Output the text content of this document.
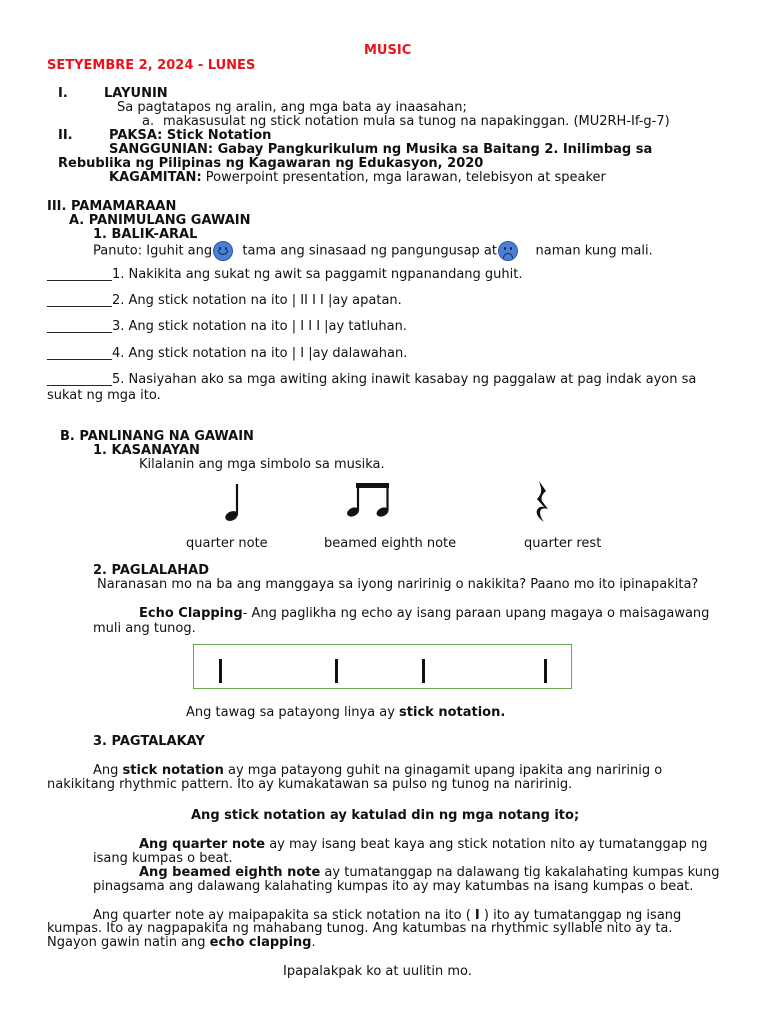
MUSIC
SETYEMBRE 2, 2024 - LUNES
I.	LAYUNIN
Sa pagtatapos ng aralin, ang mga bata ay inaasahan;
a. makasusulat ng stick notation mula sa tunog na napakinggan. (MU2RH-If-g-7)
II.	PAKSA: Stick Notation
SANGGUNIAN: Gabay Pangkurikulum ng Musika sa Baitang 2. Inilimbag sa
Rebublika ng Pilipinas ng Kagawaran ng Edukasyon, 2020
KAGAMITAN: Powerpoint presentation, mga larawan, telebisyon at speaker
III. PAMAMARAAN
A. PANIMULANG GAWAIN
1. BALIK-ARAL
Panuto: Iguhit ang tama ang sinasaad ng pangungusap at	naman kung mali.
__________1. Nakikita ang sukat ng awit sa paggamit ngpanandang guhit.
__________2. Ang stick notation na ito | II I I |ay apatan.
__________3. Ang stick notation na ito | I I I |ay tatluhan.
__________4. Ang stick notation na ito | I |ay dalawahan.
__________5. Nasiyahan ako sa mga awiting aking inawit kasabay ng paggalaw at pag indak ayon sa
sukat ng mga ito.
B. PANLINANG NA GAWAIN
1. KASANAYAN
Kilalanin ang mga simbolo sa musika.
quarter note	beamed eighth note	quarter rest
2. PAGLALAHAD
Naranasan mo na ba ang manggaya sa iyong naririnig o nakikita? Paano mo ito ipinapakita?
Echo Clapping- Ang paglikha ng echo ay isang paraan upang magaya o maisagawang
muli ang tunog.
Ang tawag sa patayong linya ay stick notation.
3. PAGTALAKAY
Ang stick notation ay mga patayong guhit na ginagamit upang ipakita ang naririnig o
nakikitang rhythmic pattern. Ito ay kumakatawan sa pulso ng tunog na naririnig.
Ang stick notation ay katulad din ng mga notang ito;
Ang quarter note ay may isang beat kaya ang stick notation nito ay tumatanggap ng
isang kumpas o beat.
Ang beamed eighth note ay tumatanggap na dalawang tig kakalahating kumpas kung
pinagsama ang dalawang kalahating kumpas ito ay may katumbas na isang kumpas o beat.
Ang quarter note ay maipapakita sa stick notation na ito ( I ) ito ay tumatanggap ng isang
kumpas. Ito ay nagpapakita ng mahabang tunog. Ang katumbas na rhythmic syllable nito ay ta.
Ngayon gawin natin ang echo clapping.
Ipapalakpak ko at uulitin mo.
